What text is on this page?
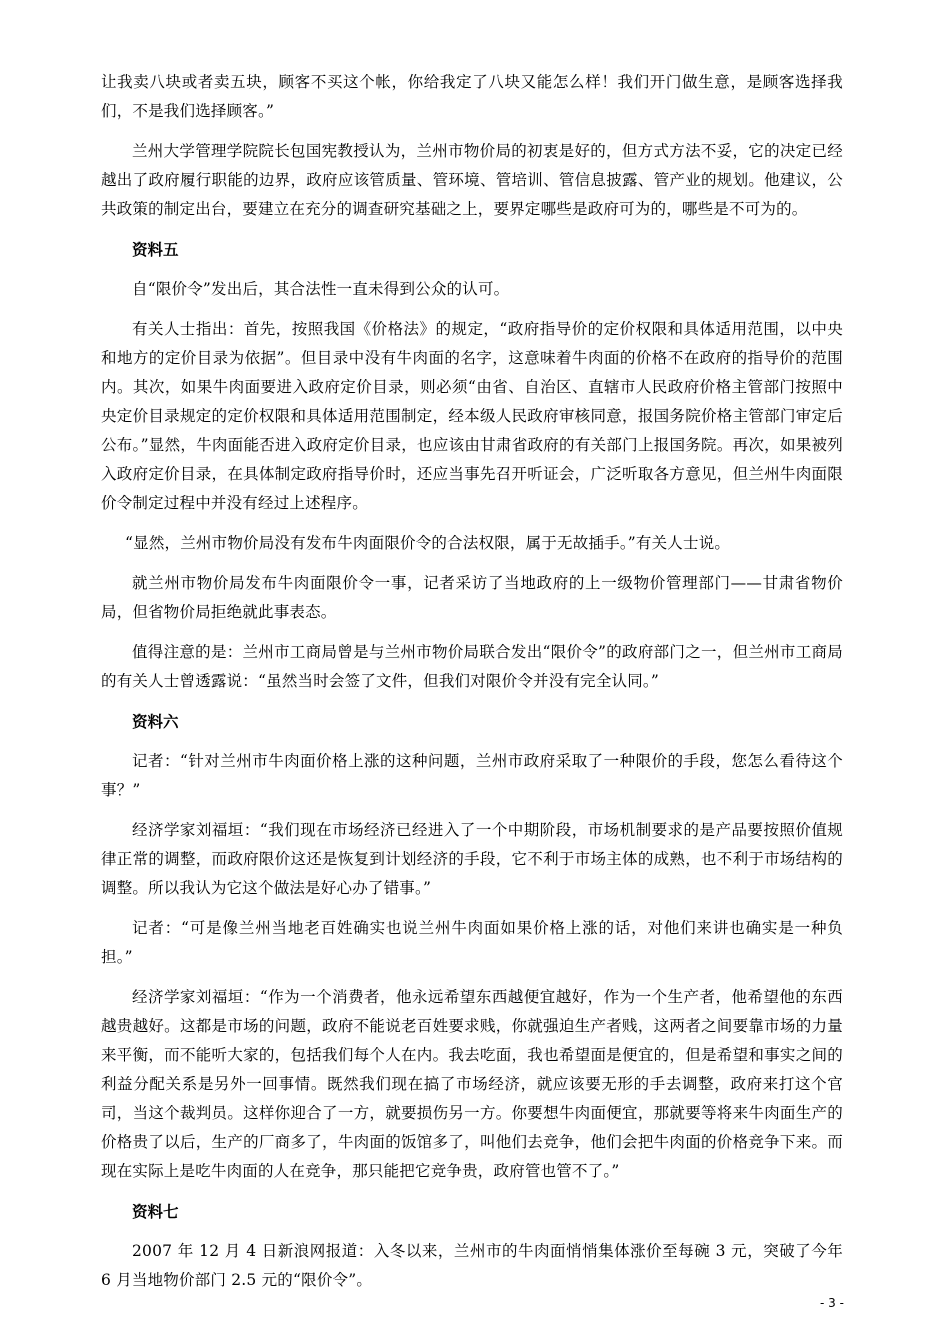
让我卖八块或者卖五块，顾客不买这个帐，你给我定了八块又能怎么样！我们开门做生意，是顾客选择我们，不是我们选择顾客。”

兰州大学管理学院院长包国宪教授认为，兰州市物价局的初衷是好的，但方式方法不妥，它的决定已经越出了政府履行职能的边界，政府应该管质量、管环境、管培训、管信息披露、管产业的规划。他建议，公共政策的制定出台，要建立在充分的调查研究基础之上，要界定哪些是政府可为的，哪些是不可为的。

资料五

自“限价令”发出后，其合法性一直未得到公众的认可。

有关人士指出：首先，按照我国《价格法》的规定，“政府指导价的定价权限和具体适用范围，以中央和地方的定价目录为依据”。但目录中没有牛肉面的名字，这意味着牛肉面的价格不在政府的指导价的范围内。其次，如果牛肉面要进入政府定价目录，则必须“由省、自治区、直辖市人民政府价格主管部门按照中央定价目录规定的定价权限和具体适用范围制定，经本级人民政府审核同意，报国务院价格主管部门审定后公布。”显然，牛肉面能否进入政府定价目录，也应该由甘肃省政府的有关部门上报国务院。再次，如果被列入政府定价目录，在具体制定政府指导价时，还应当事先召开听证会，广泛听取各方意见，但兰州牛肉面限价令制定过程中并没有经过上述程序。

“显然，兰州市物价局没有发布牛肉面限价令的合法权限，属于无故插手。”有关人士说。

就兰州市物价局发布牛肉面限价令一事，记者采访了当地政府的上一级物价管理部门——甘肃省物价局，但省物价局拒绝就此事表态。

值得注意的是：兰州市工商局曾是与兰州市物价局联合发出“限价令”的政府部门之一，但兰州市工商局的有关人士曾透露说：“虽然当时会签了文件，但我们对限价令并没有完全认同。”

资料六

记者：“针对兰州市牛肉面价格上涨的这种问题，兰州市政府采取了一种限价的手段，您怎么看待这个事？”

经济学家刘福垣：“我们现在市场经济已经进入了一个中期阶段，市场机制要求的是产品要按照价值规律正常的调整，而政府限价这还是恢复到计划经济的手段，它不利于市场主体的成熟，也不利于市场结构的调整。所以我认为它这个做法是好心办了错事。”

记者：“可是像兰州当地老百姓确实也说兰州牛肉面如果价格上涨的话，对他们来讲也确实是一种负担。”

经济学家刘福垣：“作为一个消费者，他永远希望东西越便宜越好，作为一个生产者，他希望他的东西越贵越好。这都是市场的问题，政府不能说老百姓要求贱，你就强迫生产者贱，这两者之间要靠市场的力量来平衡，而不能听大家的，包括我们每个人在内。我去吃面，我也希望面是便宜的，但是希望和事实之间的利益分配关系是另外一回事情。既然我们现在搞了市场经济，就应该要无形的手去调整，政府来打这个官司，当这个裁判员。这样你迎合了一方，就要损伤另一方。你要想牛肉面便宜，那就要等将来牛肉面生产的价格贵了以后，生产的厂商多了，牛肉面的饭馆多了，叫他们去竞争，他们会把牛肉面的价格竞争下来。而现在实际上是吃牛肉面的人在竞争，那只能把它竞争贵，政府管也管不了。”

资料七

2007 年 12 月 4 日新浪网报道：入冬以来，兰州市的牛肉面悄悄集体涨价至每碗 3 元，突破了今年 6 月当地物价部门 2.5 元的“限价令”。

- 3 -
